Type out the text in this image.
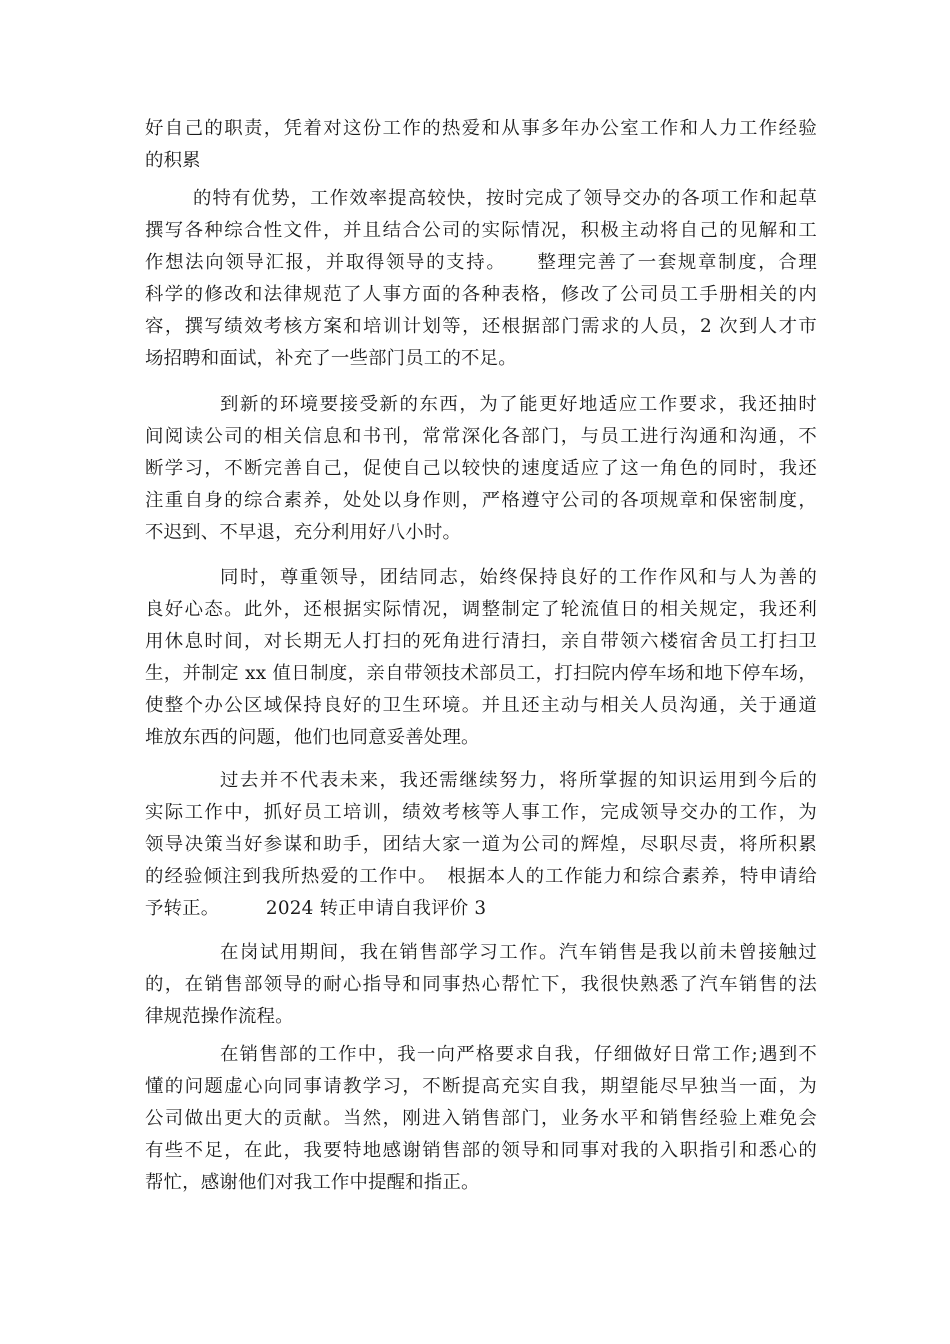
好自己的职责，凭着对这份工作的热爱和从事多年办公室工作和人力工作经验
的积累

的特有优势，工作效率提高较快，按时完成了领导交办的各项工作和起草
撰写各种综合性文件，并且结合公司的实际情况，积极主动将自己的见解和工
作想法向领导汇报，并取得领导的支持。　　整理完善了一套规章制度，合理
科学的修改和法律规范了人事方面的各种表格，修改了公司员工手册相关的内
容，撰写绩效考核方案和培训计划等，还根据部门需求的人员，2 次到人才市
场招聘和面试，补充了一些部门员工的不足。

到新的环境要接受新的东西，为了能更好地适应工作要求，我还抽时
间阅读公司的相关信息和书刊，常常深化各部门，与员工进行沟通和沟通，不
断学习，不断完善自己，促使自己以较快的速度适应了这一角色的同时，我还
注重自身的综合素养，处处以身作则，严格遵守公司的各项规章和保密制度，
不迟到、不早退，充分利用好八小时。

同时，尊重领导，团结同志，始终保持良好的工作作风和与人为善的
良好心态。此外，还根据实际情况，调整制定了轮流值日的相关规定，我还利
用休息时间，对长期无人打扫的死角进行清扫，亲自带领六楼宿舍员工打扫卫
生，并制定 xx 值日制度，亲自带领技术部员工，打扫院内停车场和地下停车场，
使整个办公区域保持良好的卫生环境。并且还主动与相关人员沟通，关于通道
堆放东西的问题，他们也同意妥善处理。

过去并不代表未来，我还需继续努力，将所掌握的知识运用到今后的
实际工作中，抓好员工培训，绩效考核等人事工作，完成领导交办的工作，为
领导决策当好参谋和助手，团结大家一道为公司的辉煌，尽职尽责，将所积累
的经验倾注到我所热爱的工作中。　根据本人的工作能力和综合素养，特申请给
予转正。　　　2024 转正申请自我评价 3

在岗试用期间，我在销售部学习工作。汽车销售是我以前未曾接触过
的，在销售部领导的耐心指导和同事热心帮忙下，我很快熟悉了汽车销售的法
律规范操作流程。

在销售部的工作中，我一向严格要求自我，仔细做好日常工作;遇到不
懂的问题虚心向同事请教学习，不断提高充实自我，期望能尽早独当一面，为
公司做出更大的贡献。当然，刚进入销售部门，业务水平和销售经验上难免会
有些不足，在此，我要特地感谢销售部的领导和同事对我的入职指引和悉心的
帮忙，感谢他们对我工作中提醒和指正。
